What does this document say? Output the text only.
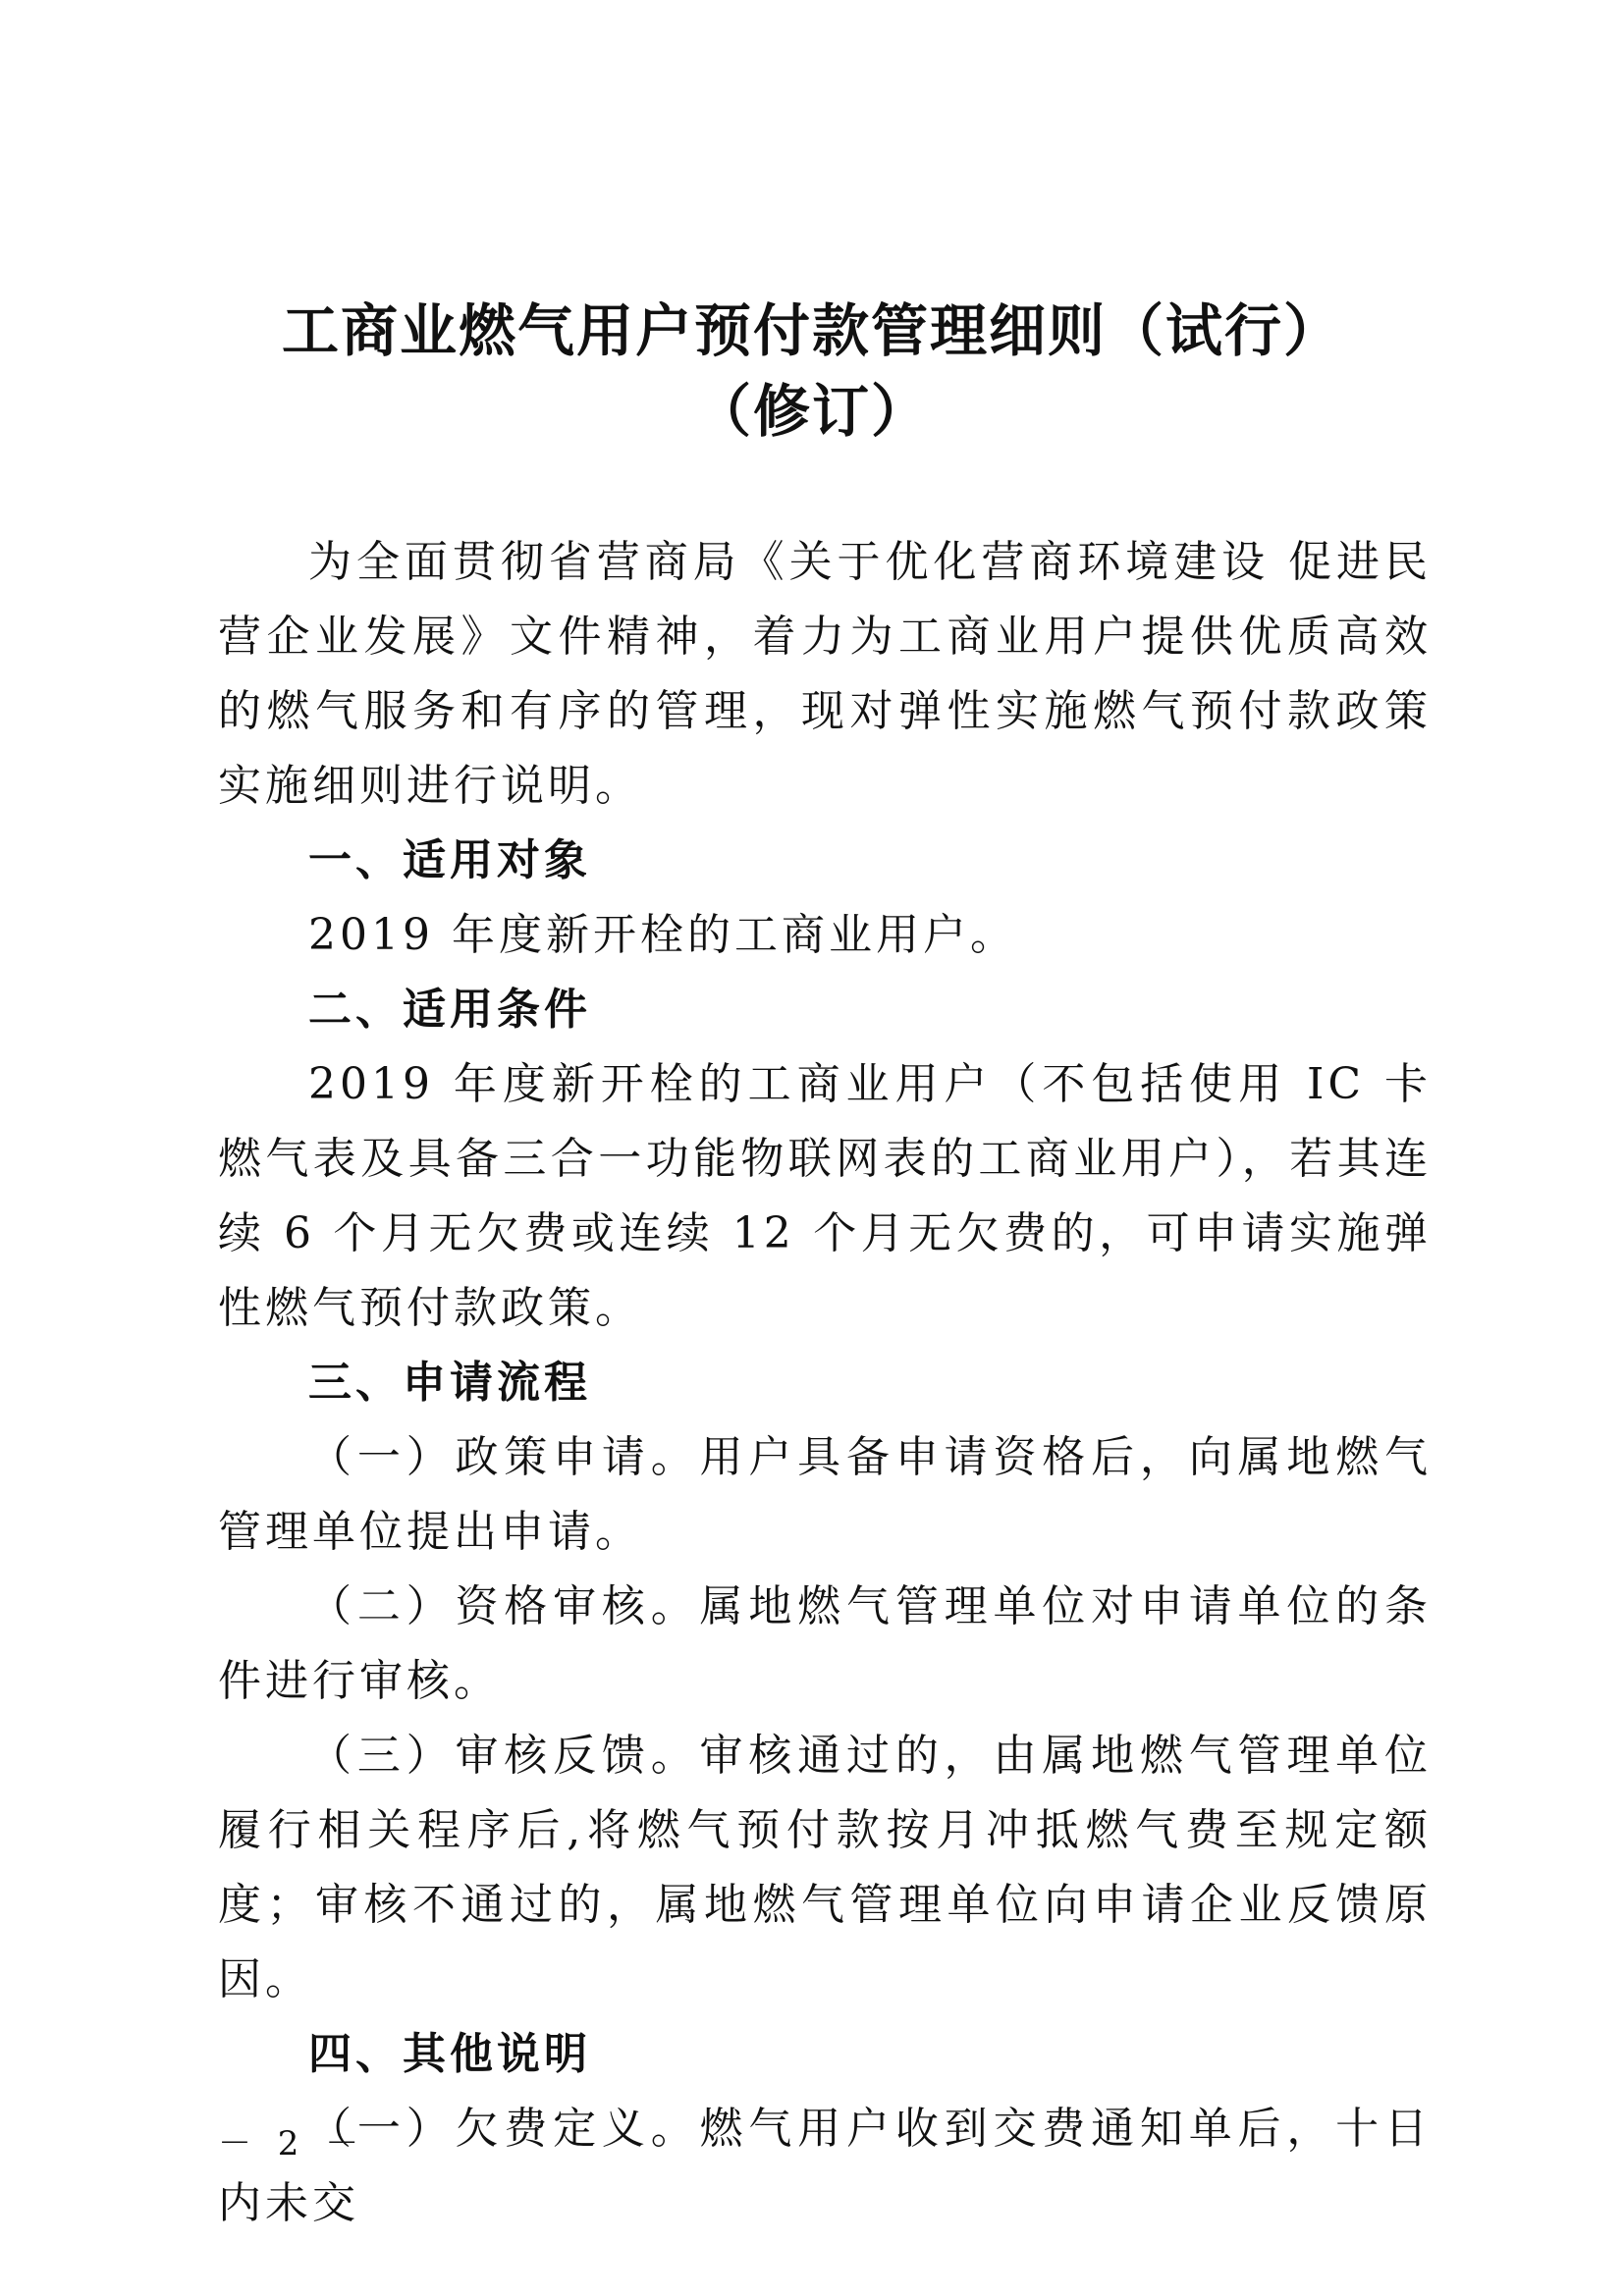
工商业燃气用户预付款管理细则（试行）
（修订）

为全面贯彻省营商局《关于优化营商环境建设 促进民营企业发展》文件精神，着力为工商业用户提供优质高效的燃气服务和有序的管理，现对弹性实施燃气预付款政策实施细则进行说明。

一、适用对象

2019 年度新开栓的工商业用户。

二、适用条件

2019 年度新开栓的工商业用户（不包括使用 IC 卡燃气表及具备三合一功能物联网表的工商业用户），若其连续 6 个月无欠费或连续 12 个月无欠费的，可申请实施弹性燃气预付款政策。

三、申请流程

（一）政策申请。用户具备申请资格后，向属地燃气管理单位提出申请。

（二）资格审核。属地燃气管理单位对申请单位的条件进行审核。

（三）审核反馈。审核通过的，由属地燃气管理单位履行相关程序后,将燃气预付款按月冲抵燃气费至规定额度；审核不通过的，属地燃气管理单位向申请企业反馈原因。

四、其他说明

（一）欠费定义。燃气用户收到交费通知单后，十日内未交

－ 2 －
